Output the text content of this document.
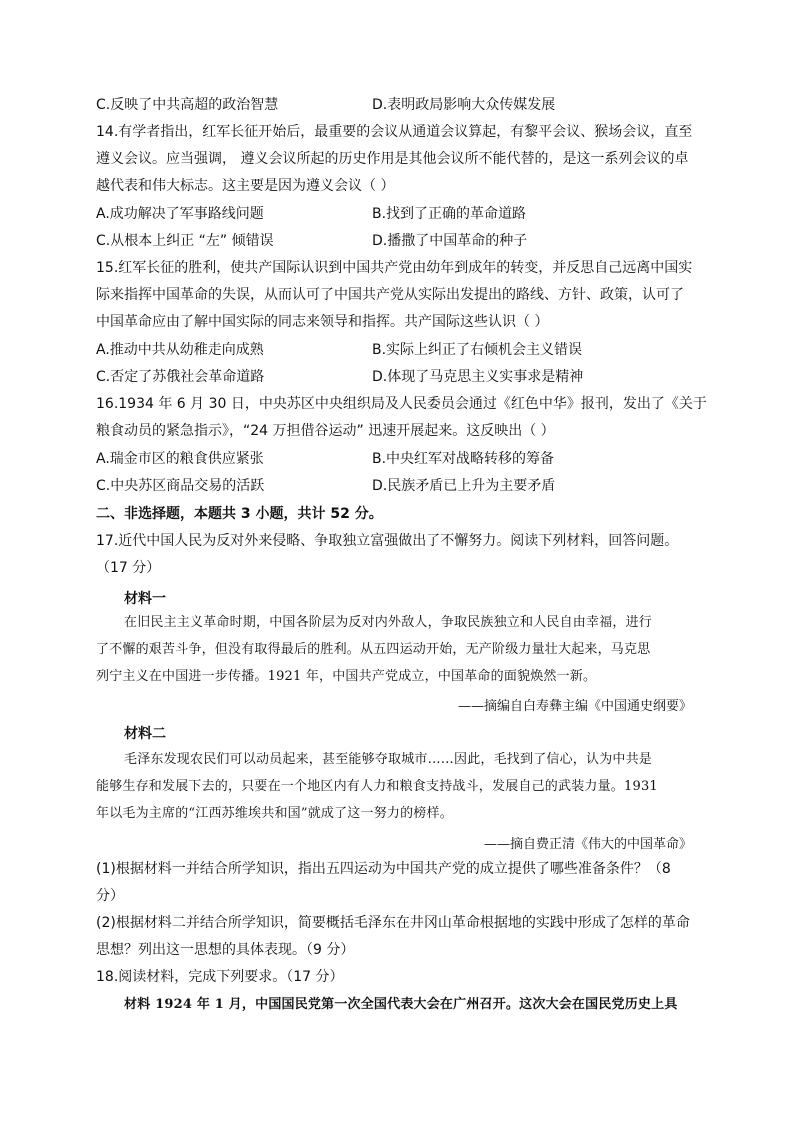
C.反映了中共高超的政治智慧	D.表明政局影响大众传媒发展
14.有学者指出，红军长征开始后，最重要的会议从通道会议算起，有黎平会议、猴场会议，直至
遵义会议。应当强调， 遵义会议所起的历史作用是其他会议所不能代替的，是这一系列会议的卓
越代表和伟大标志。这主要是因为遵义会议（ ）
A.成功解决了军事路线问题	B.找到了正确的革命道路
C.从根本上纠正 “左” 倾错误	D.播撒了中国革命的种子
15.红军长征的胜利，使共产国际认识到中国共产党由幼年到成年的转变，并反思自己远离中国实
际来指挥中国革命的失误，从而认可了中国共产党从实际出发提出的路线、方针、政策，认可了
中国革命应由了解中国实际的同志来领导和指挥。共产国际这些认识（ ）
A.推动中共从幼稚走向成熟	B.实际上纠正了右倾机会主义错误
C.否定了苏俄社会革命道路	D.体现了马克思主义实事求是精神
16.1934 年 6 月 30 日，中央苏区中央组织局及人民委员会通过《红色中华》报刊，发出了《关于
粮食动员的紧急指示》，“24 万担借谷运动” 迅速开展起来。这反映出（ ）
A.瑞金市区的粮食供应紧张	B.中央红军对战略转移的筹备
C.中央苏区商品交易的活跃	D.民族矛盾已上升为主要矛盾
二、非选择题，本题共 3 小题，共计 52 分。
17.近代中国人民为反对外来侵略、争取独立富强做出了不懈努力。阅读下列材料，回答问题。
（17 分）
材料一
在旧民主主义革命时期，中国各阶层为反对内外敌人，争取民族独立和人民自由幸福，进行
了不懈的艰苦斗争，但没有取得最后的胜利。从五四运动开始，无产阶级力量壮大起来，马克思
列宁主义在中国进一步传播。1921 年，中国共产党成立，中国革命的面貌焕然一新。
——摘编自白寿彝主编《中国通史纲要》
材料二
毛泽东发现农民们可以动员起来，甚至能够夺取城市……因此，毛找到了信心，认为中共是
能够生存和发展下去的，只要在一个地区内有人力和粮食支持战斗，发展自己的武装力量。1931
年以毛为主席的“江西苏维埃共和国”就成了这一努力的榜样。
——摘自费正清《伟大的中国革命》
(1)根据材料一并结合所学知识，指出五四运动为中国共产党的成立提供了哪些准备条件？（8
分）
(2)根据材料二并结合所学知识，简要概括毛泽东在井冈山革命根据地的实践中形成了怎样的革命
思想？列出这一思想的具体表现。（9 分）
18.阅读材料，完成下列要求。（17 分）
材料 1924 年 1 月，中国国民党第一次全国代表大会在广州召开。这次大会在国民党历史上具
